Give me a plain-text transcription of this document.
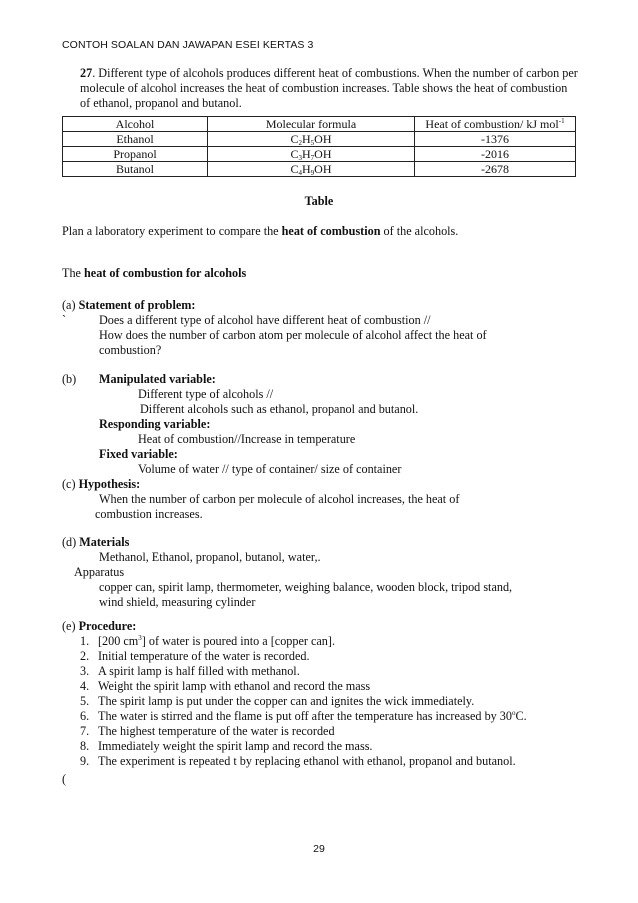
CONTOH SOALAN DAN JAWAPAN ESEI KERTAS 3
27. Different type of alcohols produces different heat of combustions. When the number of carbon per molecule of alcohol increases the heat of combustion increases. Table shows the heat of combustion of ethanol, propanol and butanol.
Alcohol	Molecular formula	Heat of combustion/ kJ mol$^{-1}$
Ethanol	$C_2H_5OH$	-1376
Propanol	$C_3H_7OH$	-2016
Butanol	$C_4H_9OH$	-2678
Table
Plan a laboratory experiment to compare the heat of combustion of the alcohols.
The heat of combustion for alcohols
(a) Statement of problem:
`	Does a different type of alcohol have different heat of combustion //
How does the number of carbon atom per molecule of alcohol affect the heat of
combustion?
(b) Manipulated variable:
Different type of alcohols //
Different alcohols such as ethanol, propanol and butanol.
Responding variable:
Heat of combustion//Increase in temperature
Fixed variable:
Volume of water // type of container/ size of container
(c) Hypothesis:
When the number of carbon per molecule of alcohol increases, the heat of
combustion increases.
(d) Materials
Methanol, Ethanol, propanol, butanol, water,.
Apparatus
copper can, spirit lamp, thermometer, weighing balance, wooden block, tripod stand,
wind shield, measuring cylinder
(e) Procedure:
1. [200 $cm^3$] of water is poured into a [copper can].
2. Initial temperature of the water is recorded.
3. A spirit lamp is half filled with methanol.
4. Weight the spirit lamp with ethanol and record the mass
5. The spirit lamp is put under the copper can and ignites the wick immediately.
6. The water is stirred and the flame is put off after the temperature has increased by 30$^o$C.
7. The highest temperature of the water is recorded
8. Immediately weight the spirit lamp and record the mass.
9. The experiment is repeated t by replacing ethanol with ethanol, propanol and butanol.
(
29
